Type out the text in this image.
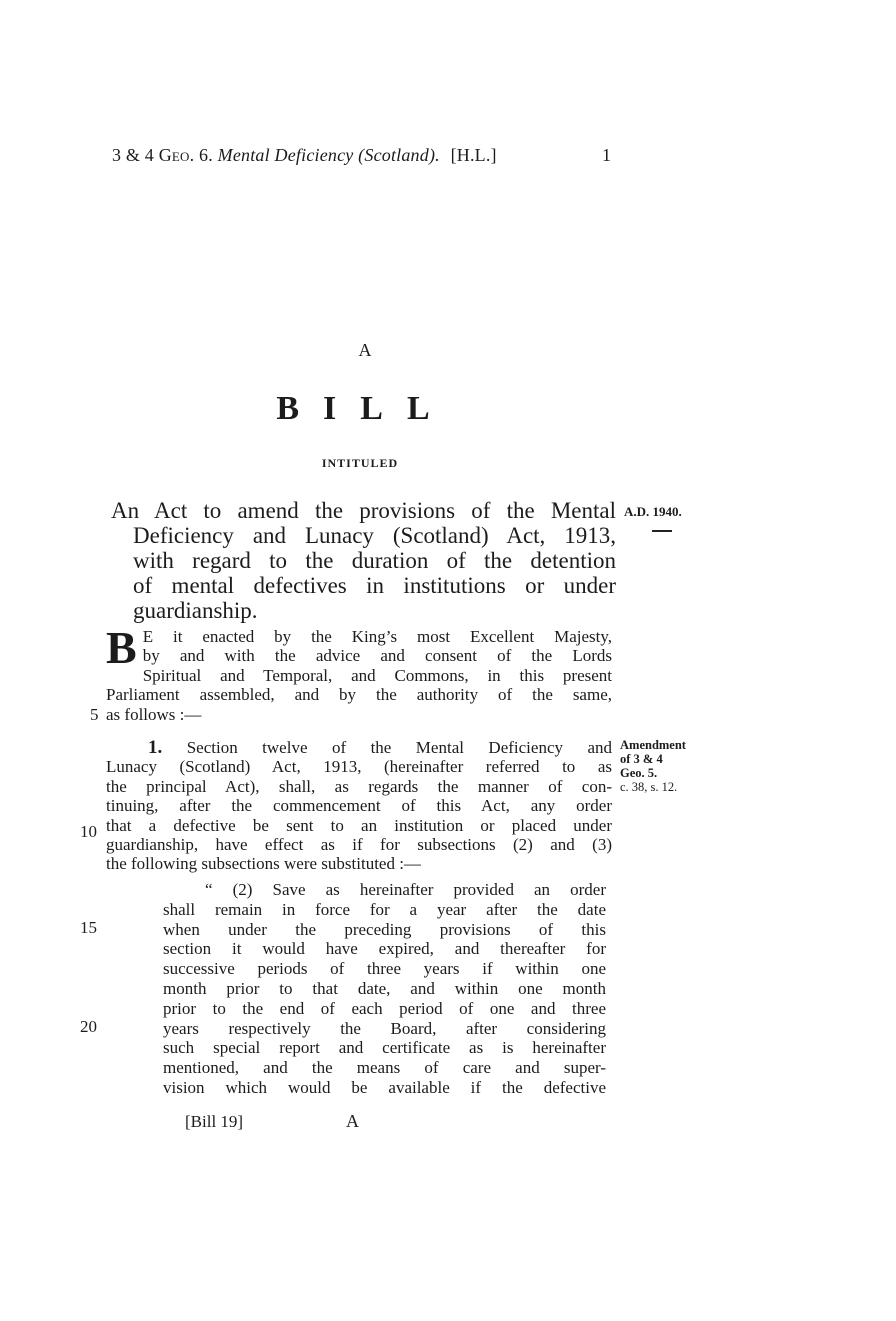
3 & 4 Geo. 6. Mental Deficiency (Scotland). [H.L.]	1
A
BILL
INTITULED
An Act to amend the provisions of the Mental
Deficiency and Lunacy (Scotland) Act, 1913,
with regard to the duration of the detention
of mental defectives in institutions or under
guardianship.
A.D. 1940.
B E it enacted by the King’s most Excellent Majesty,
by and with the advice and consent of the Lords
Spiritual and Temporal, and Commons, in this present
Parliament assembled, and by the authority of the same,
as follows :—
1. Section twelve of the Mental Deficiency and
Lunacy (Scotland) Act, 1913, (hereinafter referred to as
the principal Act), shall, as regards the manner of con-
tinuing, after the commencement of this Act, any order
that a defective be sent to an institution or placed under
guardianship, have effect as if for subsections (2) and (3)
the following subsections were substituted :—
Amendment
of 3 & 4
Geo. 5.
c. 38, s. 12.
“ (2) Save as hereinafter provided an order
shall remain in force for a year after the date
when under the preceding provisions of this
section it would have expired, and thereafter for
successive periods of three years if within one
month prior to that date, and within one month
prior to the end of each period of one and three
years respectively the Board, after considering
such special report and certificate as is hereinafter
mentioned, and the means of care and super-
vision which would be available if the defective
5
10
15
20
[Bill 19]	A
